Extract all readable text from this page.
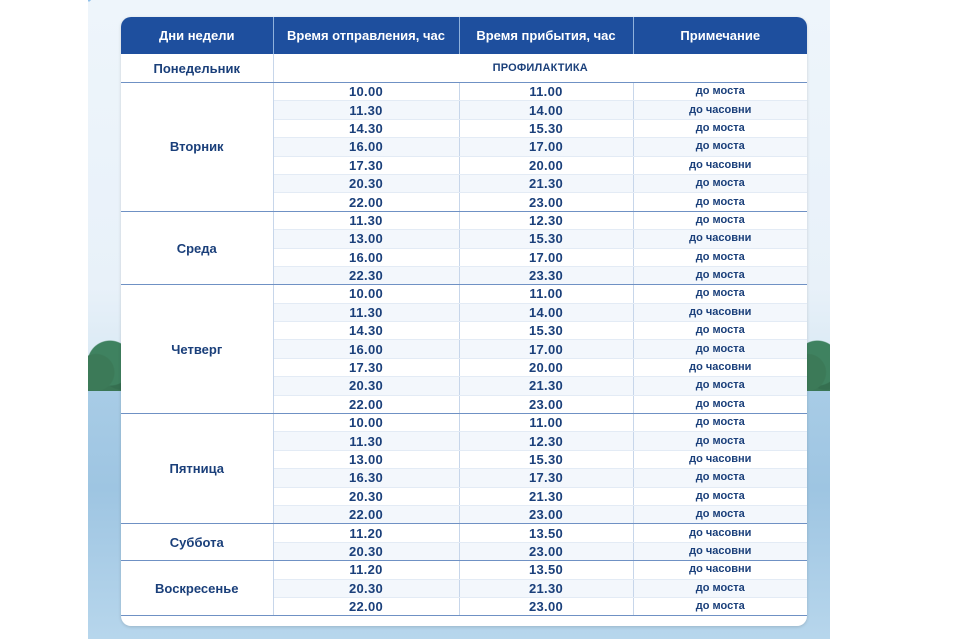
Дни недели	Время отправления, час	Время прибытия, час	Примечание
Понедельник	ПРОФИЛАКТИКА		
Вторник	10.00	11.00	до моста
	11.30	14.00	до часовни
	14.30	15.30	до моста
	16.00	17.00	до моста
	17.30	20.00	до часовни
	20.30	21.30	до моста
	22.00	23.00	до моста
Среда	11.30	12.30	до моста
	13.00	15.30	до часовни
	16.00	17.00	до моста
	22.30	23.30	до моста
Четверг	10.00	11.00	до моста
	11.30	14.00	до часовни
	14.30	15.30	до моста
	16.00	17.00	до моста
	17.30	20.00	до часовни
	20.30	21.30	до моста
	22.00	23.00	до моста
Пятница	10.00	11.00	до моста
	11.30	12.30	до моста
	13.00	15.30	до часовни
	16.30	17.30	до моста
	20.30	21.30	до моста
	22.00	23.00	до моста
Суббота	11.20	13.50	до часовни
	20.30	23.00	до часовни
Воскресенье	11.20	13.50	до часовни
	20.30	21.30	до моста
	22.00	23.00	до моста
